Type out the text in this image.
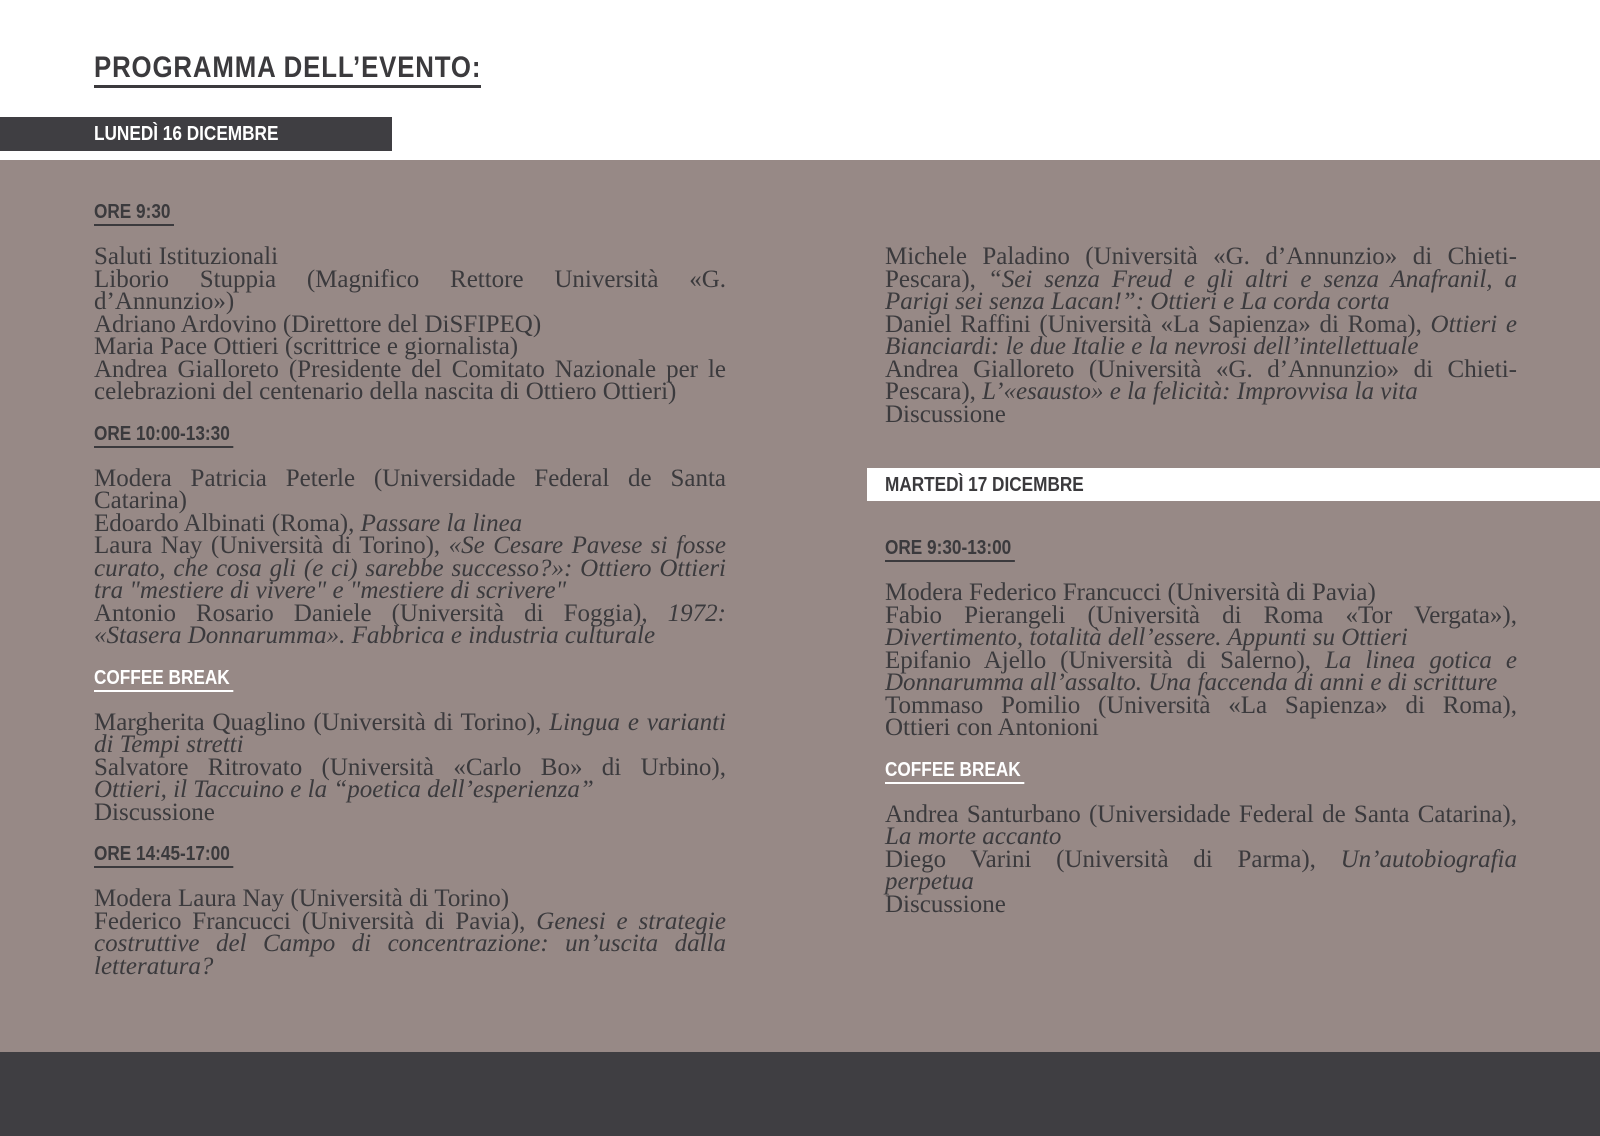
PROGRAMMA DELL’EVENTO:
LUNEDÌ 16 DICEMBRE
ORE 9:30
Saluti Istituzionali
Liborio Stuppia (Magnifico Rettore Università «G. d’Annunzio»)
Adriano Ardovino (Direttore del DiSFIPEQ)
Maria Pace Ottieri (scrittrice e giornalista)
Andrea Gialloreto (Presidente del Comitato Nazionale per le celebrazioni del centenario della nascita di Ottiero Ottieri)
ORE 10:00-13:30
Modera Patricia Peterle (Universidade Federal de Santa Catarina)
Edoardo Albinati (Roma), Passare la linea
Laura Nay (Università di Torino), «Se Cesare Pavese si fosse curato, che cosa gli (e ci) sarebbe successo?»: Ottiero Ottieri tra "mestiere di vivere" e "mestiere di scrivere"
Antonio Rosario Daniele (Università di Foggia), 1972: «Stasera Donnarumma». Fabbrica e industria culturale
COFFEE BREAK
Margherita Quaglino (Università di Torino), Lingua e varianti di Tempi stretti
Salvatore Ritrovato (Università «Carlo Bo» di Urbino), Ottieri, il Taccuino e la “poetica dell’esperienza”
Discussione
ORE 14:45-17:00
Modera Laura Nay (Università di Torino)
Federico Francucci (Università di Pavia), Genesi e strategie costruttive del Campo di concentrazione: un’uscita dalla letteratura?
Michele Paladino (Università «G. d’Annunzio» di Chieti-Pescara), “Sei senza Freud e gli altri e senza Anafranil, a Parigi sei senza Lacan!”: Ottieri e La corda corta
Daniel Raffini (Università «La Sapienza» di Roma), Ottieri e Bianciardi: le due Italie e la nevrosi dell’intellettuale
Andrea Gialloreto (Università «G. d’Annunzio» di Chieti-Pescara), L’«esausto» e la felicità: Improvvisa la vita
Discussione
MARTEDÌ 17 DICEMBRE
ORE 9:30-13:00
Modera Federico Francucci (Università di Pavia)
Fabio Pierangeli (Università di Roma «Tor Vergata»), Divertimento, totalità dell’essere. Appunti su Ottieri
Epifanio Ajello (Università di Salerno), La linea gotica e Donnarumma all’assalto. Una faccenda di anni e di scritture
Tommaso Pomilio (Università «La Sapienza» di Roma), Ottieri con Antonioni
COFFEE BREAK
Andrea Santurbano (Universidade Federal de Santa Catarina), La morte accanto
Diego Varini (Università di Parma), Un’autobiografia perpetua
Discussione
